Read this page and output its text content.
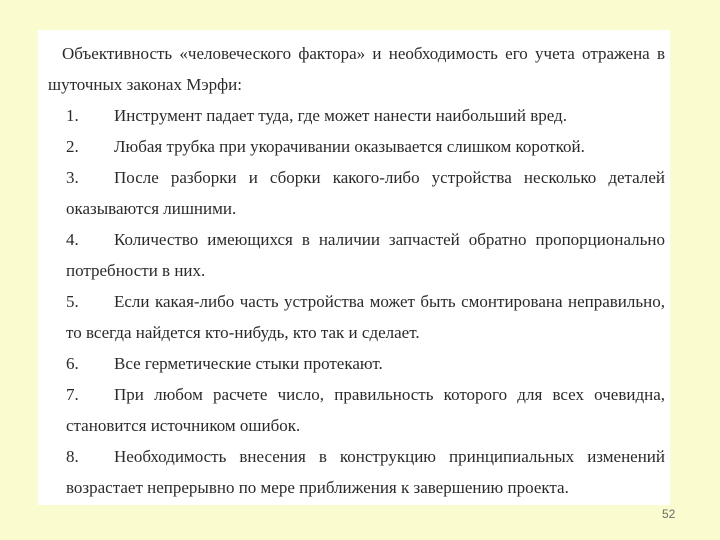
Объективность «человеческого фактора» и необходимость его учета отражена в шуточных законах Мэрфи:

1. Инструмент падает туда, где может нанести наибольший вред.

2. Любая трубка при укорачивании оказывается слишком короткой.

3. После разборки и сборки какого-либо устройства несколько деталей оказываются лишними.

4. Количество имеющихся в наличии запчастей обратно пропорционально потребности в них.

5. Если какая-либо часть устройства может быть смонтирована неправильно, то всегда найдется кто-нибудь, кто так и сделает.

6. Все герметические стыки протекают.

7. При любом расчете число, правильность которого для всех очевидна, становится источником ошибок.

8. Необходимость внесения в конструкцию принципиальных изменений возрастает непрерывно по мере приближения к завершению проекта.

52
